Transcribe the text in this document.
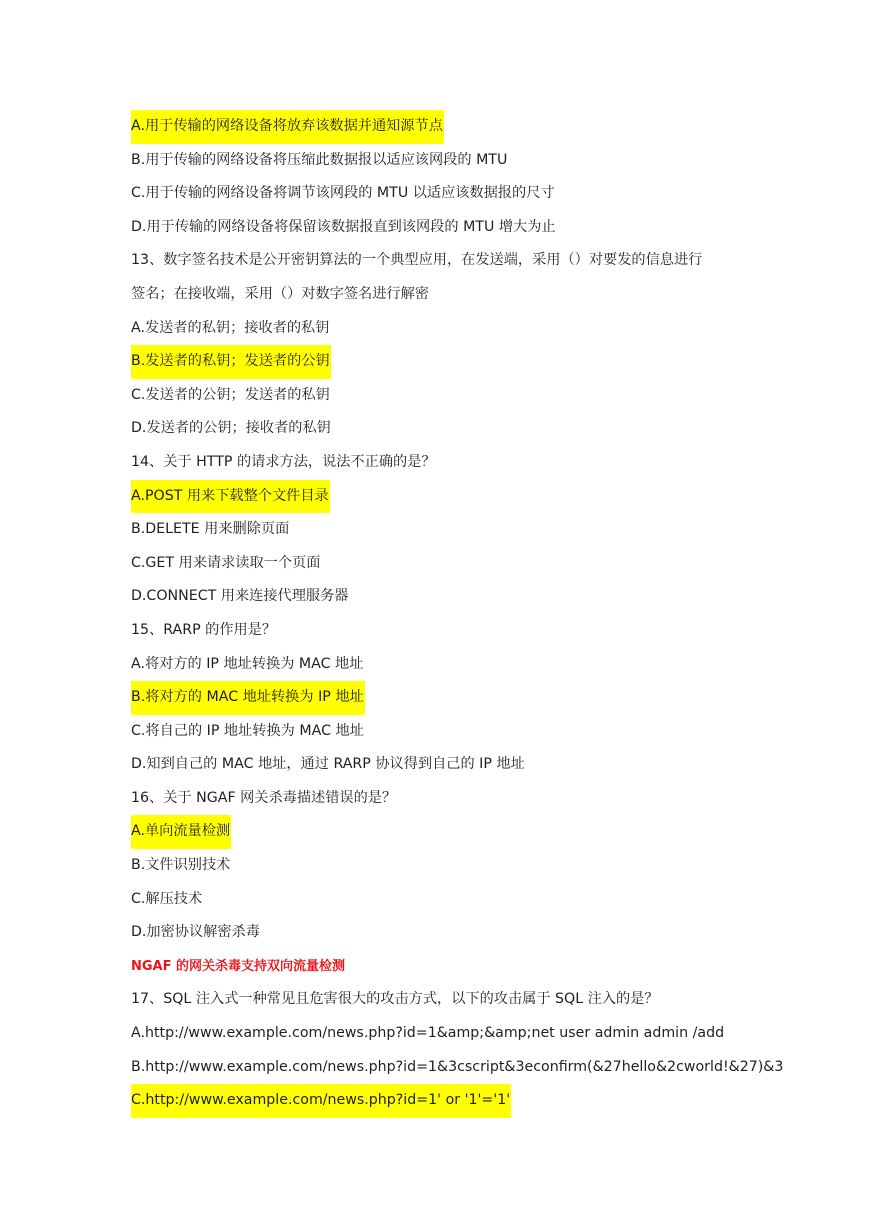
A.用于传输的网络设备将放弃该数据并通知源节点
B.用于传输的网络设备将压缩此数据报以适应该网段的 MTU
C.用于传输的网络设备将调节该网段的 MTU 以适应该数据报的尺寸
D.用于传输的网络设备将保留该数据报直到该网段的 MTU 增大为止
13、数字签名技术是公开密钥算法的一个典型应用，在发送端，采用（）对要发的信息进行
签名；在接收端，采用（）对数字签名进行解密
A.发送者的私钥；接收者的私钥
B.发送者的私钥；发送者的公钥
C.发送者的公钥；发送者的私钥
D.发送者的公钥；接收者的私钥
14、关于 HTTP 的请求方法，说法不正确的是？
A.POST 用来下载整个文件目录
B.DELETE 用来删除页面
C.GET 用来请求读取一个页面
D.CONNECT 用来连接代理服务器
15、RARP 的作用是？
A.将对方的 IP 地址转换为 MAC 地址
B.将对方的 MAC 地址转换为 IP 地址
C.将自己的 IP 地址转换为 MAC 地址
D.知到自己的 MAC 地址，通过 RARP 协议得到自己的 IP 地址
16、关于 NGAF 网关杀毒描述错误的是？
A.单向流量检测
B.文件识别技术
C.解压技术
D.加密协议解密杀毒
NGAF 的网关杀毒支持双向流量检测
17、SQL 注入式一种常见且危害很大的攻击方式，以下的攻击属于 SQL 注入的是？
A.http://www.example.com/news.php?id=1&amp;&amp;net user admin admin /add
B.http://www.example.com/news.php?id=1&3cscript&3econfirm(&27hello&2cworld!&27)&3
C.http://www.example.com/news.php?id=1' or '1'='1'
